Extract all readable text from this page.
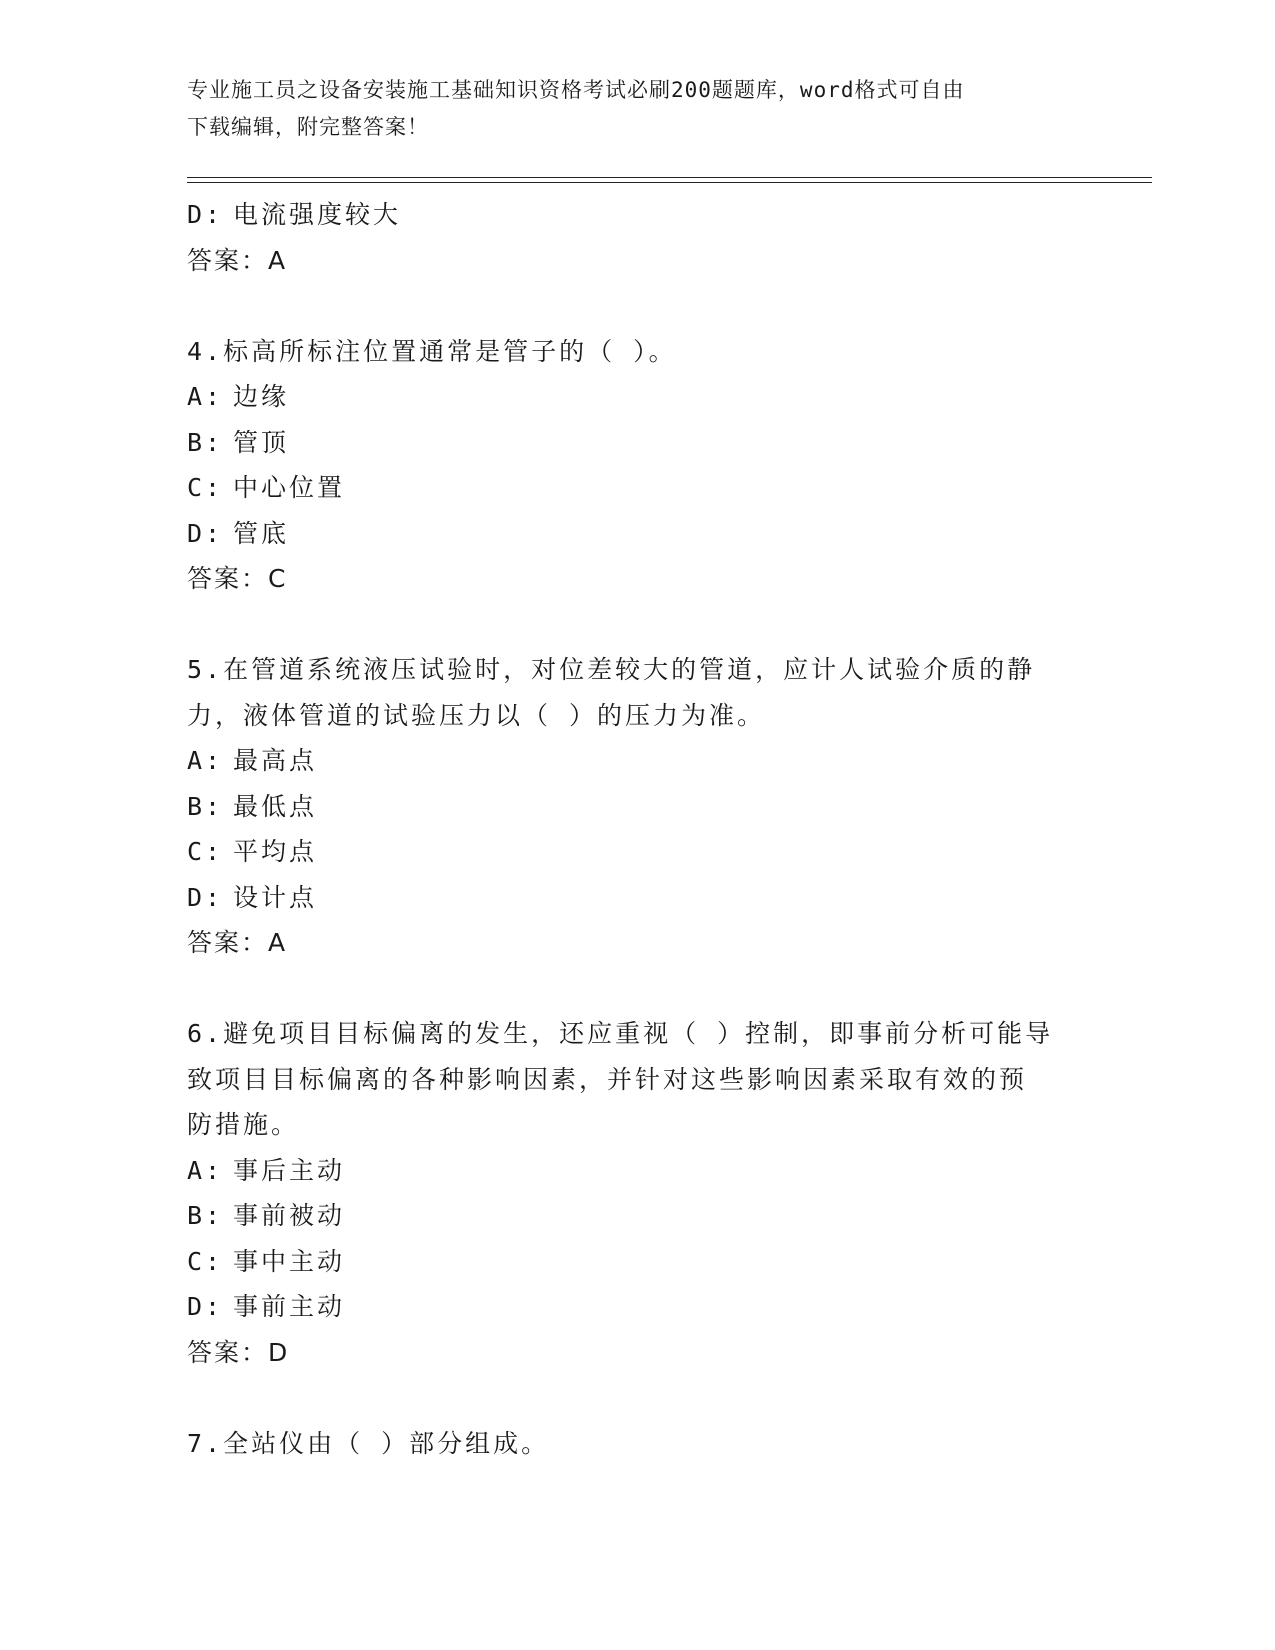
专业施工员之设备安装施工基础知识资格考试必刷200题题库，word格式可自由
下载编辑，附完整答案！
D: 电流强度较大
答案：A
4.标高所标注位置通常是管子的（ ）。
A: 边缘
B: 管顶
C: 中心位置
D: 管底
答案：C
5.在管道系统液压试验时，对位差较大的管道，应计人试验介质的静
力，液体管道的试验压力以（ ）的压力为准。
A: 最高点
B: 最低点
C: 平均点
D: 设计点
答案：A
6.避免项目目标偏离的发生，还应重视（ ）控制，即事前分析可能导
致项目目标偏离的各种影响因素，并针对这些影响因素采取有效的预
防措施。
A: 事后主动
B: 事前被动
C: 事中主动
D: 事前主动
答案：D
7.全站仪由（ ）部分组成。
